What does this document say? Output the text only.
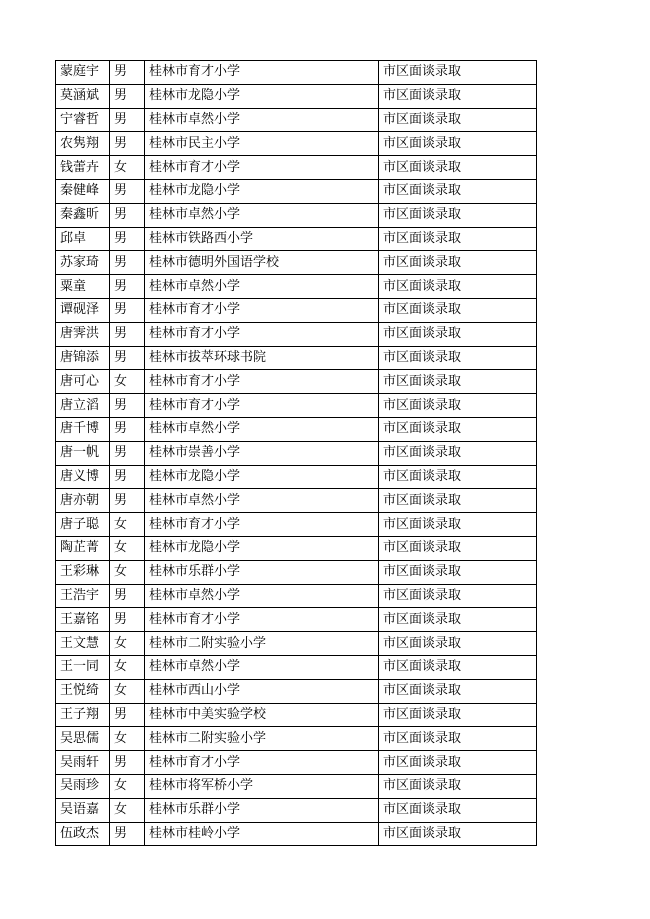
蒙庭宇	男	桂林市育才小学	市区面谈录取
莫涵斌	男	桂林市龙隐小学	市区面谈录取
宁睿哲	男	桂林市卓然小学	市区面谈录取
农隽翔	男	桂林市民主小学	市区面谈录取
钱蕾卉	女	桂林市育才小学	市区面谈录取
秦健峰	男	桂林市龙隐小学	市区面谈录取
秦鑫昕	男	桂林市卓然小学	市区面谈录取
邱卓	男	桂林市铁路西小学	市区面谈录取
苏家琦	男	桂林市德明外国语学校	市区面谈录取
粟童	男	桂林市卓然小学	市区面谈录取
谭砚泽	男	桂林市育才小学	市区面谈录取
唐霁洪	男	桂林市育才小学	市区面谈录取
唐锦添	男	桂林市拔萃环球书院	市区面谈录取
唐可心	女	桂林市育才小学	市区面谈录取
唐立滔	男	桂林市育才小学	市区面谈录取
唐千博	男	桂林市卓然小学	市区面谈录取
唐一帆	男	桂林市崇善小学	市区面谈录取
唐义博	男	桂林市龙隐小学	市区面谈录取
唐亦朝	男	桂林市卓然小学	市区面谈录取
唐子聪	女	桂林市育才小学	市区面谈录取
陶芷菁	女	桂林市龙隐小学	市区面谈录取
王彩琳	女	桂林市乐群小学	市区面谈录取
王浩宇	男	桂林市卓然小学	市区面谈录取
王嘉铭	男	桂林市育才小学	市区面谈录取
王文慧	女	桂林市二附实验小学	市区面谈录取
王一同	女	桂林市卓然小学	市区面谈录取
王悦绮	女	桂林市西山小学	市区面谈录取
王子翔	男	桂林市中美实验学校	市区面谈录取
吴思儒	女	桂林市二附实验小学	市区面谈录取
吴雨轩	男	桂林市育才小学	市区面谈录取
吴雨珍	女	桂林市将军桥小学	市区面谈录取
吴语嘉	女	桂林市乐群小学	市区面谈录取
伍政杰	男	桂林市桂岭小学	市区面谈录取
